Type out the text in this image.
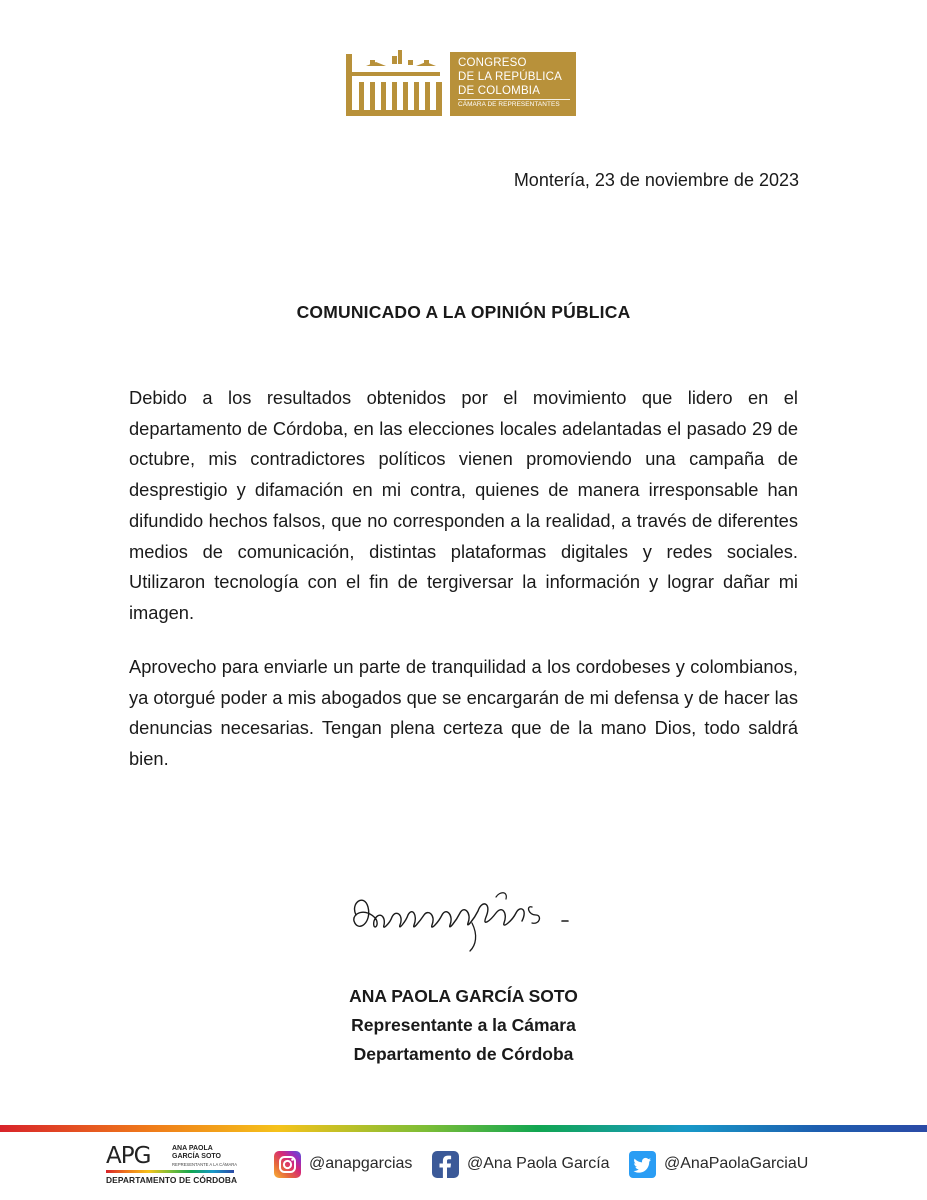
CONGRESO
DE LA REPÚBLICA
DE COLOMBIA
CÁMARA DE REPRESENTANTES
Montería, 23 de noviembre de 2023
COMUNICADO A LA OPINIÓN PÚBLICA

Debido a los resultados obtenidos por el movimiento que lidero en el departamento de Córdoba, en las elecciones locales adelantadas el pasado 29 de octubre, mis contradictores políticos vienen promoviendo una campaña de desprestigio y difamación en mi contra, quienes de manera irresponsable han difundido hechos falsos, que no corresponden a la realidad, a través de diferentes medios de comunicación, distintas plataformas digitales y redes sociales. Utilizaron tecnología con el fin de tergiversar la información y lograr dañar mi imagen.

Aprovecho para enviarle un parte de tranquilidad a los cordobeses y colombianos, ya otorgué poder a mis abogados que se encargarán de mi defensa y de hacer las denuncias necesarias. Tengan plena certeza que de la mano Dios, todo saldrá bien.

ANA PAOLA GARCÍA SOTO
Representante a la Cámara
Departamento de Córdoba
APG	ANA PAOLA
GARCÍA SOTO
REPRESENTANTE A LA CÁMARA
DEPARTAMENTO DE CÓRDOBA
@anapgarcias	@Ana Paola García	@AnaPaolaGarciaU
